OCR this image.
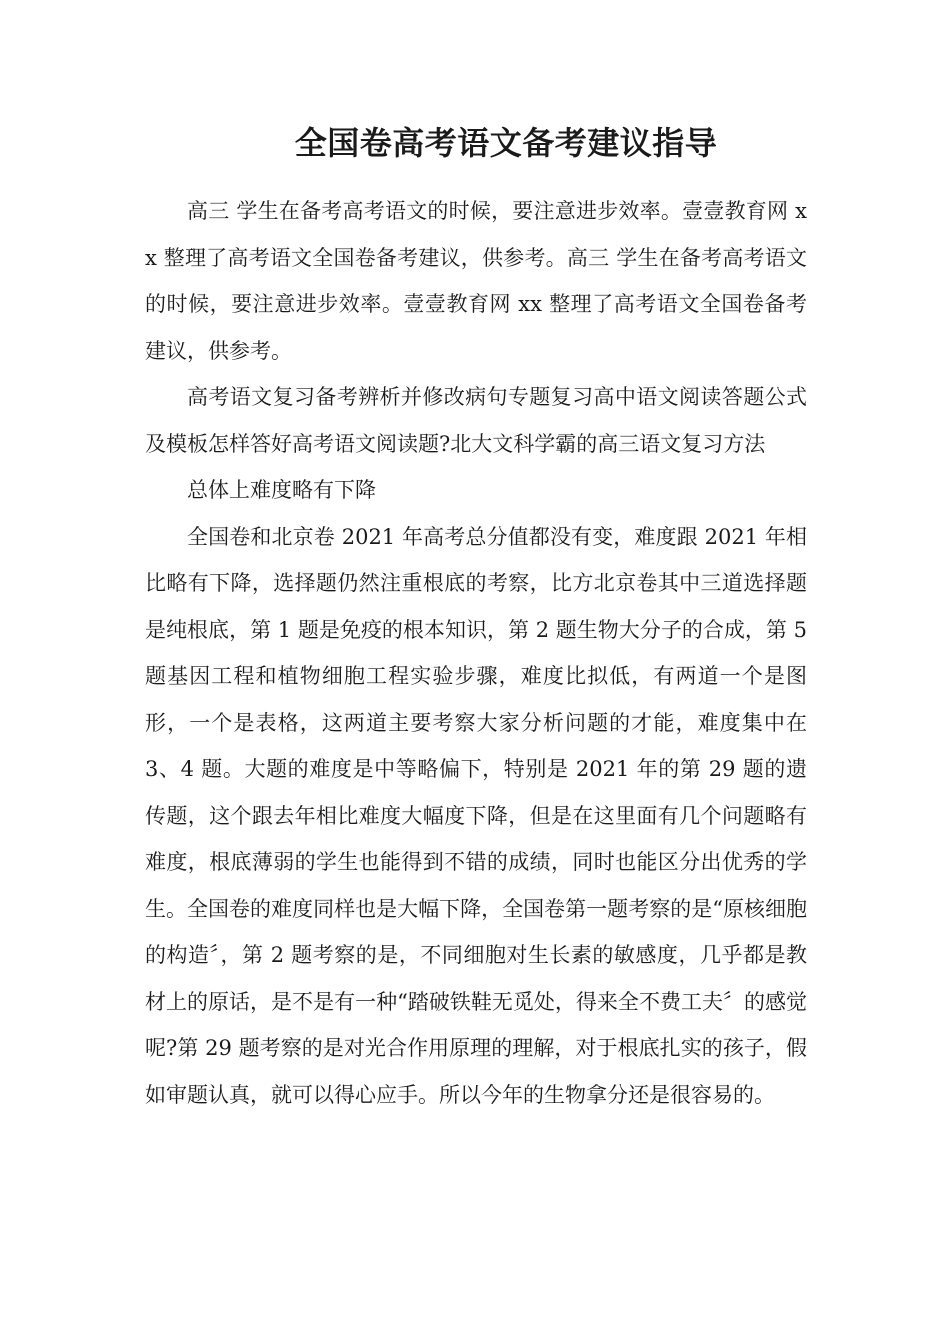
全国卷高考语文备考建议指导

高三 学生在备考高考语文的时候，要注意进步效率。壹壹教育网 xx 整理了高考语文全国卷备考建议，供参考。高三 学生在备考高考语文的时候，要注意进步效率。壹壹教育网 xx 整理了高考语文全国卷备考建议，供参考。

高考语文复习备考辨析并修改病句专题复习高中语文阅读答题公式及模板怎样答好高考语文阅读题?北大文科学霸的高三语文复习方法

总体上难度略有下降

全国卷和北京卷 2021 年高考总分值都没有变，难度跟 2021 年相比略有下降，选择题仍然注重根底的考察，比方北京卷其中三道选择题是纯根底，第 1 题是免疫的根本知识，第 2 题生物大分子的合成，第 5 题基因工程和植物细胞工程实验步骤，难度比拟低，有两道一个是图形，一个是表格，这两道主要考察大家分析问题的才能，难度集中在 3、4 题。大题的难度是中等略偏下，特别是 2021 年的第 29 题的遗传题，这个跟去年相比难度大幅度下降，但是在这里面有几个问题略有难度，根底薄弱的学生也能得到不错的成绩，同时也能区分出优秀的学生。全国卷的难度同样也是大幅下降，全国卷第一题考察的是“原核细胞的构造〞，第 2 题考察的是，不同细胞对生长素的敏感度，几乎都是教材上的原话，是不是有一种“踏破铁鞋无觅处，得来全不费工夫〞的感觉呢?第 29 题考察的是对光合作用原理的理解，对于根底扎实的孩子，假如审题认真，就可以得心应手。所以今年的生物拿分还是很容易的。
